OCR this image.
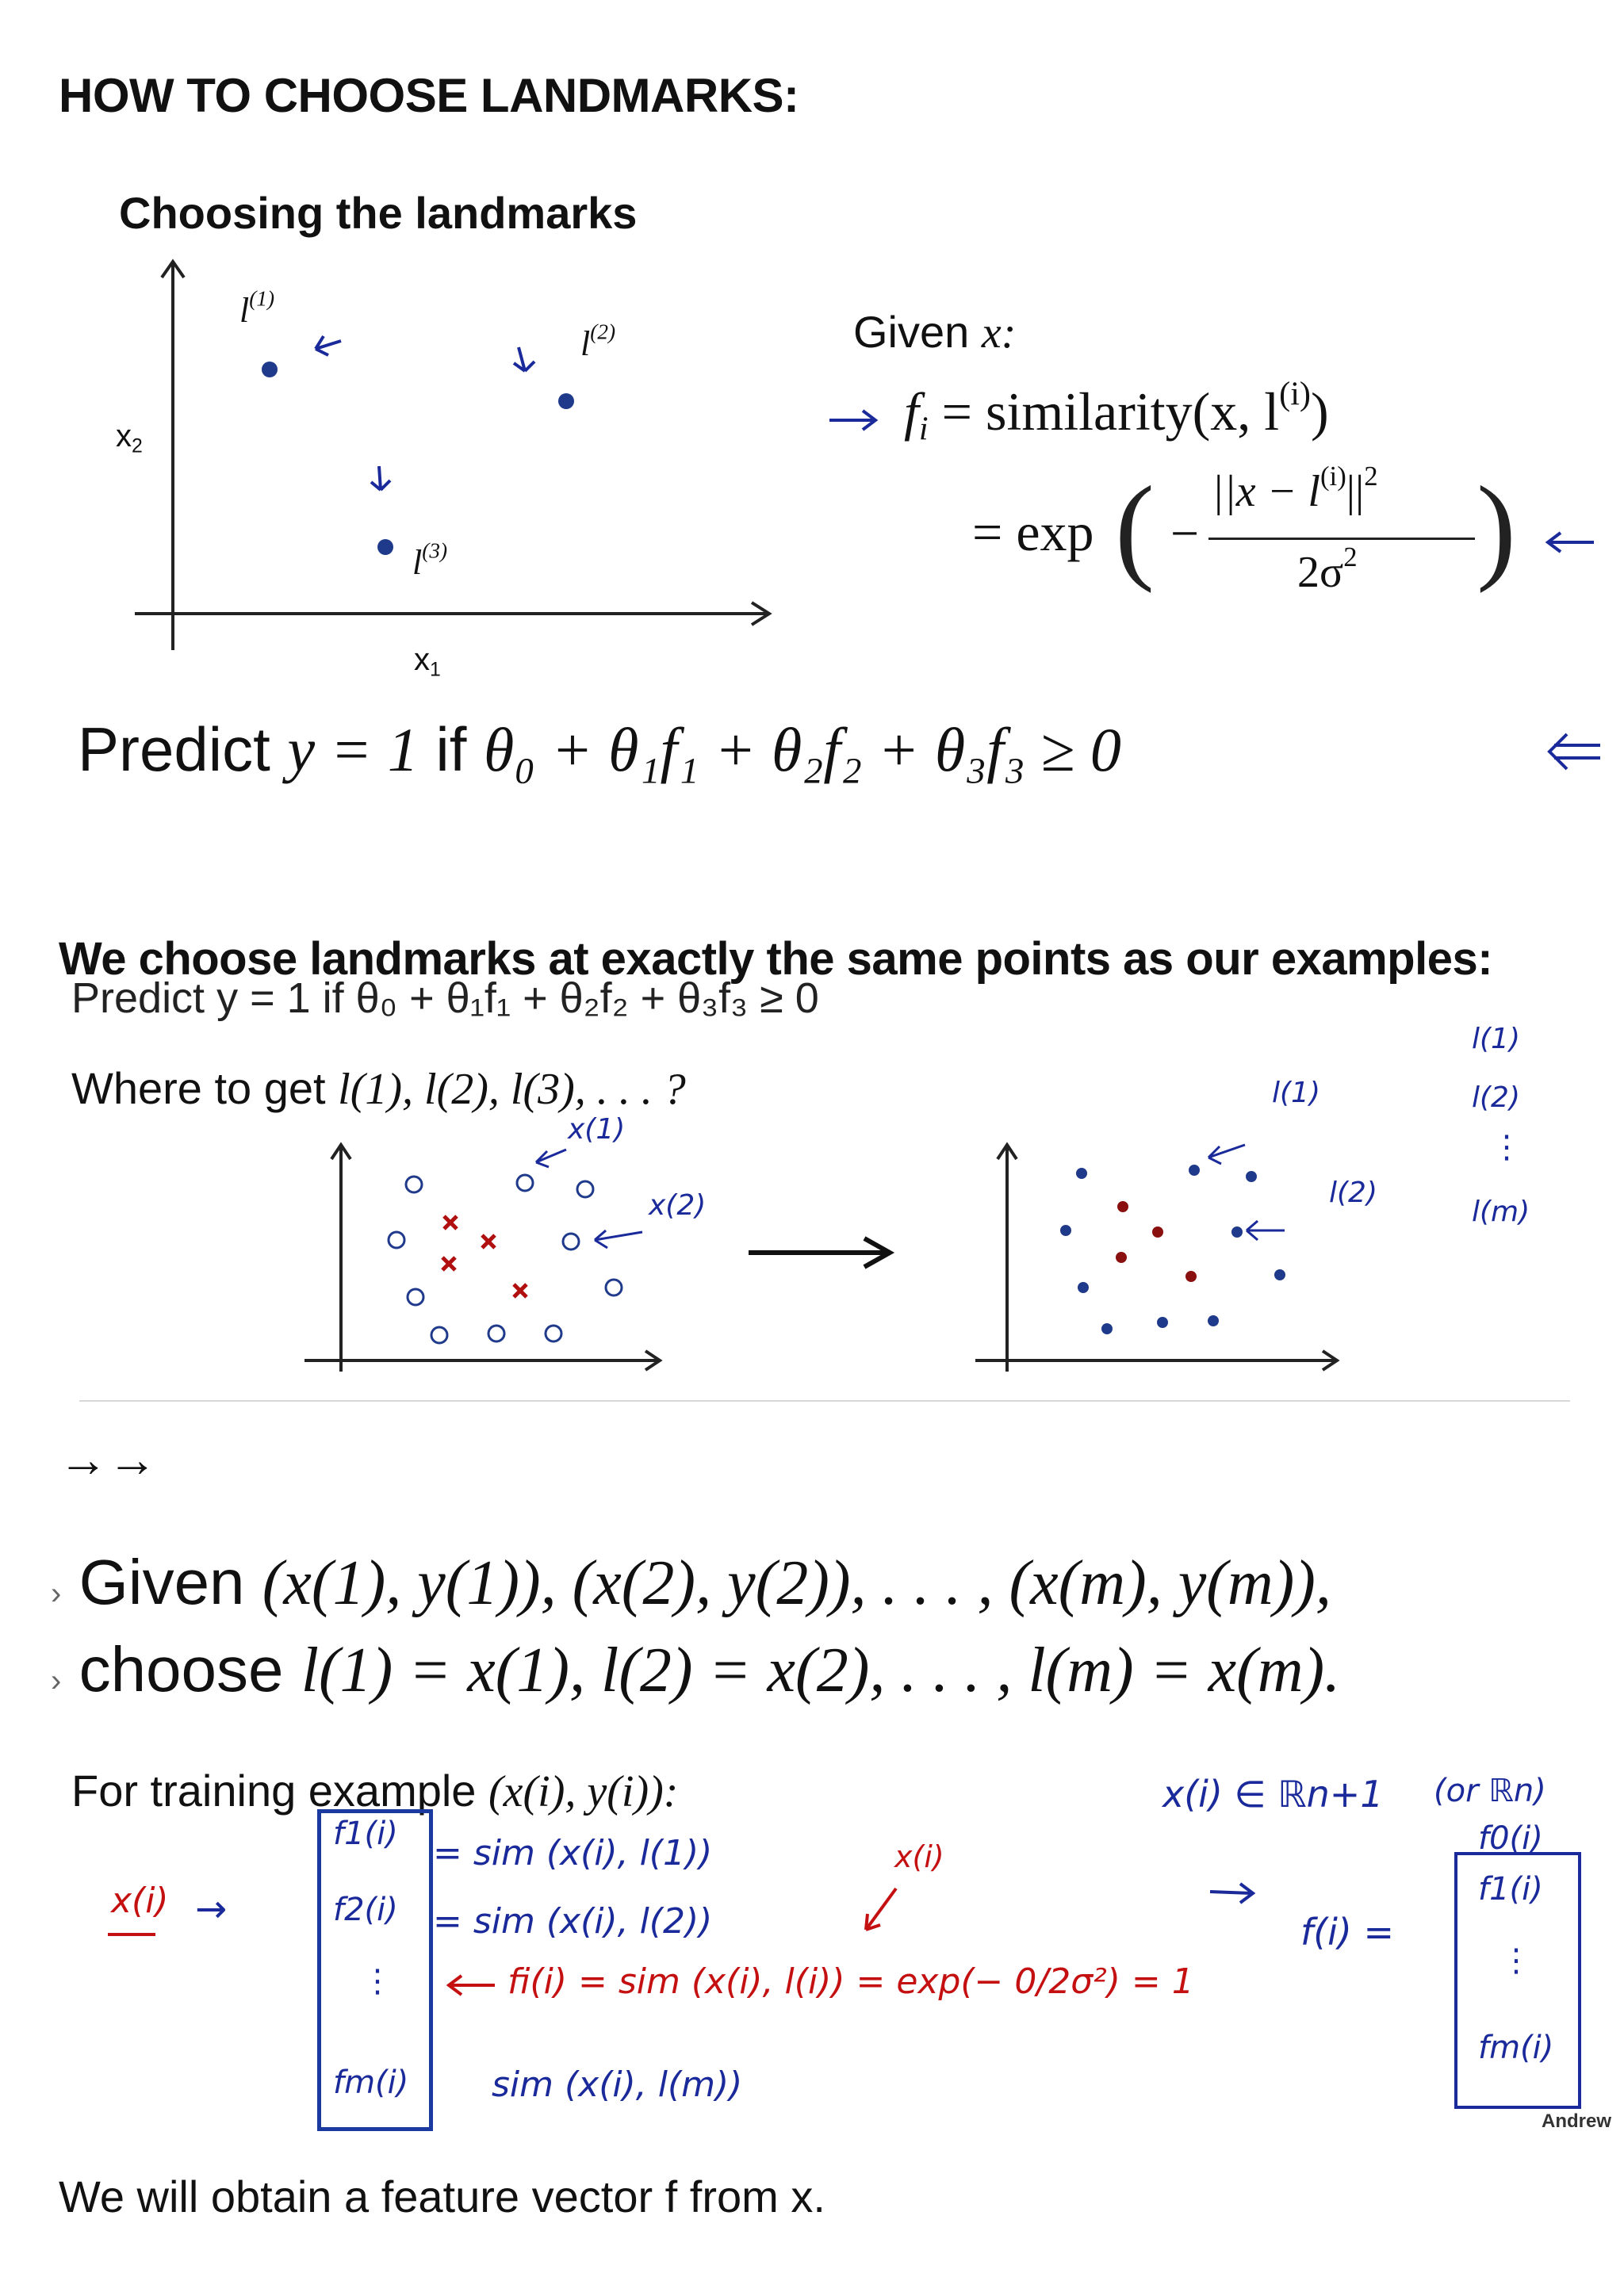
HOW TO CHOOSE LANDMARKS:
Choosing the landmarks
$x_2$
$x_1$
$l^{(1)}$
$l^{(2)}$
$l^{(3)}$
Given x:
$f_i$ = similarity(x, $l^{(i)}$)
= exp ( −
$||x - l^{(i)}||^2$
$2\sigma^2$ )
Predict y = 1 if θ₀ + θ₁f₁ + θ₂f₂ + θ₃f₃ ≥ 0
We choose landmarks at exactly the same points as our examples:
Predict y = 1 if θ₀ + θ₁f₁ + θ₂f₂ + θ₃f₃ ≥ 0
Where to get l(1), l(2), l(3), . . . ?
x(1)
x(2)
l(1)
l(2)
l(1)
l(2)
⋮
l(m)
→→
› Given (x(1), y(1)), (x(2), y(2)), . . . , (x(m), y(m)),
› choose l(1) = x(1), l(2) = x(2), . . . , l(m) = x(m).
For training example (x(i), y(i)):
x(i) →
f1(i)
f2(i)
⋮
fm(i)
= sim (x(i), l(1))
= sim (x(i), l(2))
sim (x(i), l(m))
fi(i) = sim (x(i), l(i)) = exp(− 0/2σ²) = 1
x(i)
x(i) ∈ ℝn+1 (or ℝn)
f(i) =
f0(i)
f1(i)
⋮
fm(i)
Andrew
We will obtain a feature vector f from x.
